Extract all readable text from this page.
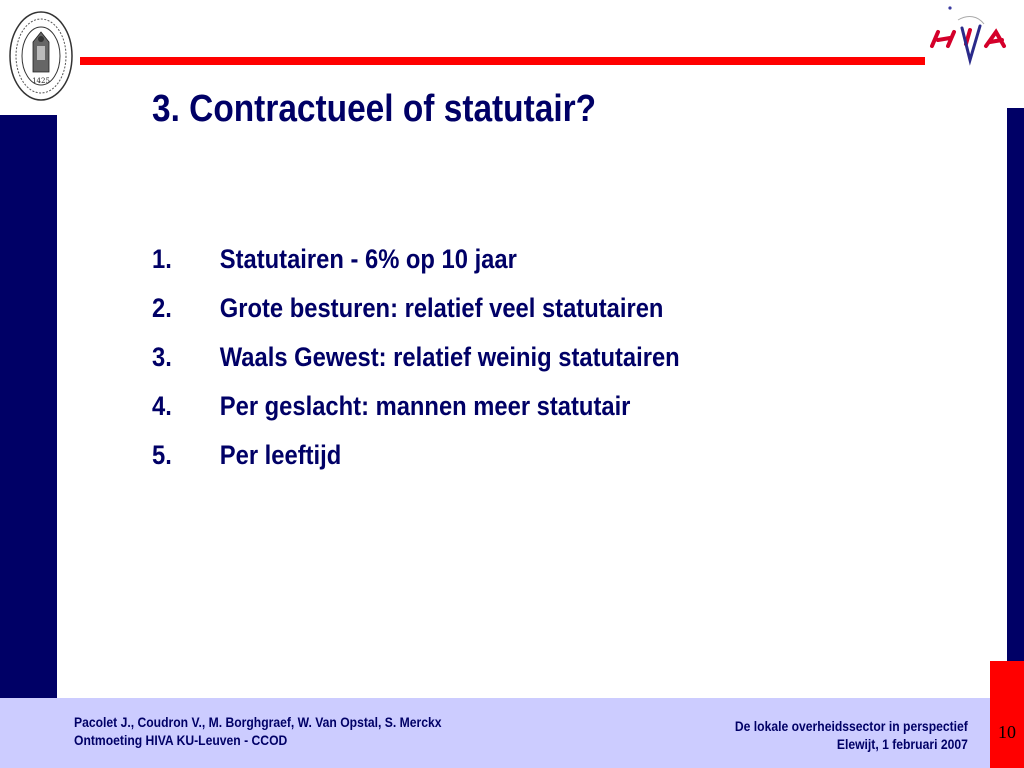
1425
3. Contractueel of statutair?
1. Statutairen - 6% op 10 jaar
2. Grote besturen: relatief veel statutairen
3. Waals Gewest: relatief weinig statutairen
4. Per geslacht: mannen meer statutair
5. Per leeftijd
Pacolet J., Coudron V., M. Borghgraef, W. Van Opstal, S. Merckx
Ontmoeting HIVA KU-Leuven - CCOD
De lokale overheidssector in perspectief
Elewijt, 1 februari 2007
10
